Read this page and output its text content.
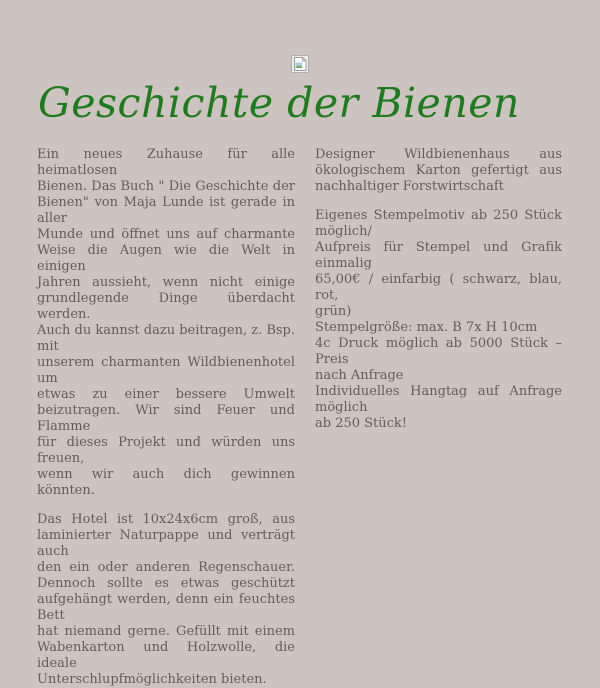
Geschichte der Bienen
Ein neues Zuhause für alle heimatlosen
Bienen. Das Buch " Die Geschichte der
Bienen" von Maja Lunde ist gerade in aller
Munde und öffnet uns auf charmante
Weise die Augen wie die Welt in einigen
Jahren aussieht, wenn nicht einige
grundlegende Dinge überdacht werden.
Auch du kannst dazu beitragen, z. Bsp. mit
unserem charmanten Wildbienenhotel um
etwas zu einer bessere Umwelt
beizutragen. Wir sind Feuer und Flamme
für dieses Projekt und würden uns freuen,
wenn wir auch dich gewinnen könnten.
Das Hotel ist 10x24x6cm groß, aus
laminierter Naturpappe und verträgt auch
den ein oder anderen Regenschauer.
Dennoch sollte es etwas geschützt
aufgehängt werden, denn ein feuchtes Bett
hat niemand gerne. Gefüllt mit einem
Wabenkarton und Holzwolle, die ideale
Unterschlupfmöglichkeiten bieten.
Designer Wildbienenhaus aus
ökologischem Karton gefertigt aus
nachhaltiger Forstwirtschaft
Eigenes Stempelmotiv ab 250 Stück
möglich/
Aufpreis für Stempel und Grafik einmalig
65,00€ / einfarbig ( schwarz, blau, rot,
grün)
Stempelgröße: max. B 7x H 10cm
4c Druck möglich ab 5000 Stück – Preis
nach Anfrage
Individuelles Hangtag auf Anfrage möglich
ab 250 Stück!
